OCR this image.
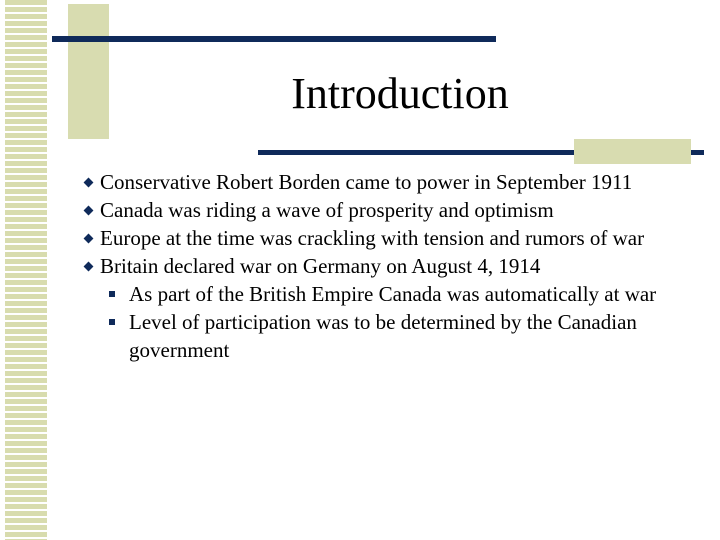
Introduction
Conservative Robert Borden came to power in September 1911
Canada was riding a wave of prosperity and optimism
Europe at the time was crackling with tension and rumors of war
Britain declared war on Germany on August 4, 1914
As part of the British Empire Canada was automatically at war
Level of participation was to be determined by the Canadian government
